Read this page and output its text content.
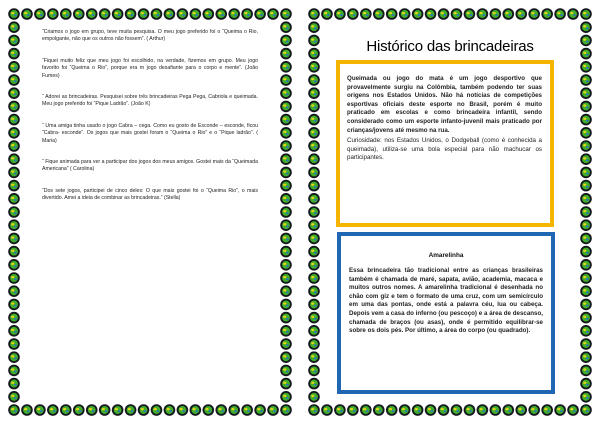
“Criamos o jogo em grupo, teve muita pesquisa. O meu jogo preferido foi o “Queima o Rio, empolgante, não que os outros não fossem”. ( Arthur)

“Fiquei muito feliz que meu jogo foi escolhido, na verdade, fizemos em grupo. Meu jogo favorito foi “Queima o Rio”, porque era m jogo desafiante para o corpo e mente”. (João Fumes)

“ Adorei as brincadeiras. Pesquisei sobre três brincadeiras Pega Pega, Cabriola e queimada. Meu jogo preferido foi “Pique Ladrão”. (João K)

“ Uma amiga tinha usado o jogo Cabra – cega. Como eu gosto de Esconde – esconde, ficou “Cabra- esconde”. Os jogos que mais gostei foram o “Queima o Rio” e o “Pique ladrão”. ( Maria)

“ Fique animada para ver a participar dos jogos dos meus amigos. Gostei mais da “Queimada Americana” ( Carolina)

“Dos sete jogos, participei de cinco deles: O que mais gostei foi o “Queima Rio”, o mais divertido. Amei a ideia de combinar as brincadeiras.” (Stella)

Histórico das brincadeiras

Queimada ou jogo do mata é um jogo desportivo que provavelmente surgiu na Colômbia, também podendo ter suas origens nos Estados Unidos. Não há notícias de competições esportivas oficiais deste esporte no Brasil, porém é muito praticado em escolas e como brincadeira infantil, sendo considerado como um esporte infanto-juvenil mais praticado por crianças/jovens até mesmo na rua.

Curiosidade: nos Estados Unidos, o Dodgeball (como é conhecida a queimada), utiliza-se uma bola especial para não machucar os participantes.

Amarelinha

Essa brincadeira tão tradicional entre as crianças brasileiras também é chamada de maré, sapata, avião, academia, macaca e muitos outros nomes. A amarelinha tradicional é desenhada no chão com giz e tem o formato de uma cruz, com um semicírculo em uma das pontas, onde está a palavra céu, lua ou cabeça. Depois vem a casa do inferno (ou pescoço) e a área de descanso, chamada de braços (ou asas), onde é permitido equilibrar-se sobre os dois pés. Por último, a área do corpo (ou quadrado).
